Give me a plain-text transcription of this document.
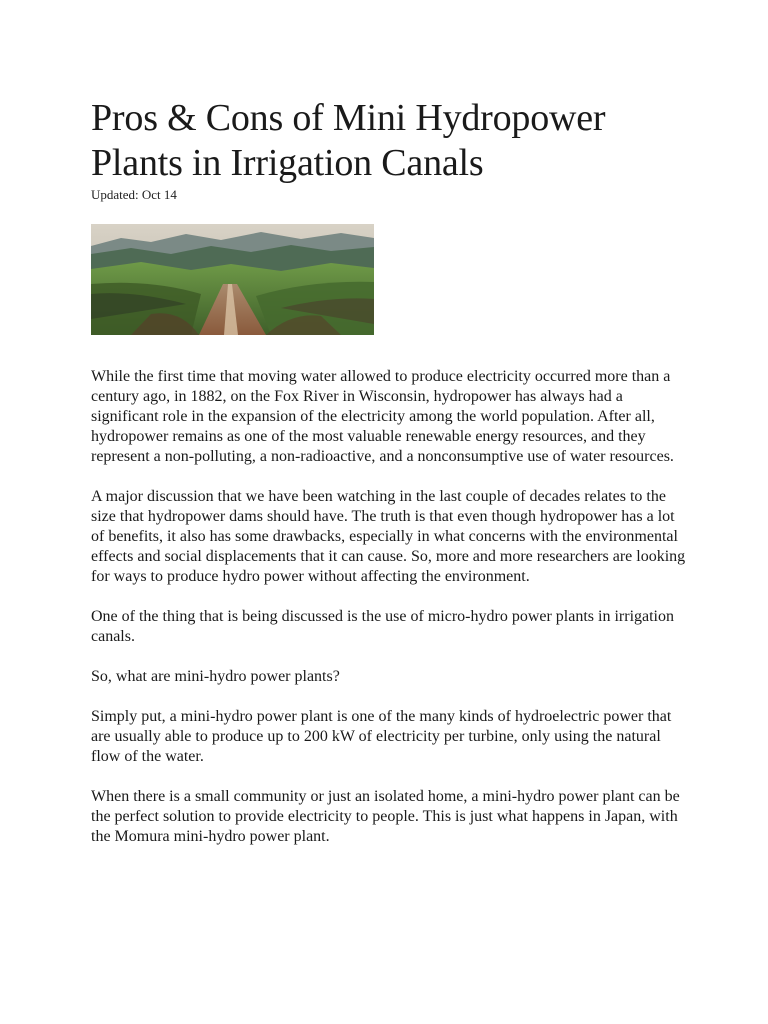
Pros & Cons of Mini Hydropower Plants in Irrigation Canals
Updated: Oct 14

While the first time that moving water allowed to produce electricity occurred more than a century ago, in 1882, on the Fox River in Wisconsin, hydropower has always had a significant role in the expansion of the electricity among the world population. After all, hydropower remains as one of the most valuable renewable energy resources, and they represent a non-polluting, a non-radioactive, and a nonconsumptive use of water resources.

A major discussion that we have been watching in the last couple of decades relates to the size that hydropower dams should have. The truth is that even though hydropower has a lot of benefits, it also has some drawbacks, especially in what concerns with the environmental effects and social displacements that it can cause. So, more and more researchers are looking for ways to produce hydro power without affecting the environment.

One of the thing that is being discussed is the use of micro-hydro power plants in irrigation canals.

So, what are mini-hydro power plants?

Simply put, a mini-hydro power plant is one of the many kinds of hydroelectric power that are usually able to produce up to 200 kW of electricity per turbine, only using the natural flow of the water.

When there is a small community or just an isolated home, a mini-hydro power plant can be the perfect solution to provide electricity to people. This is just what happens in Japan, with the Momura mini-hydro power plant.
